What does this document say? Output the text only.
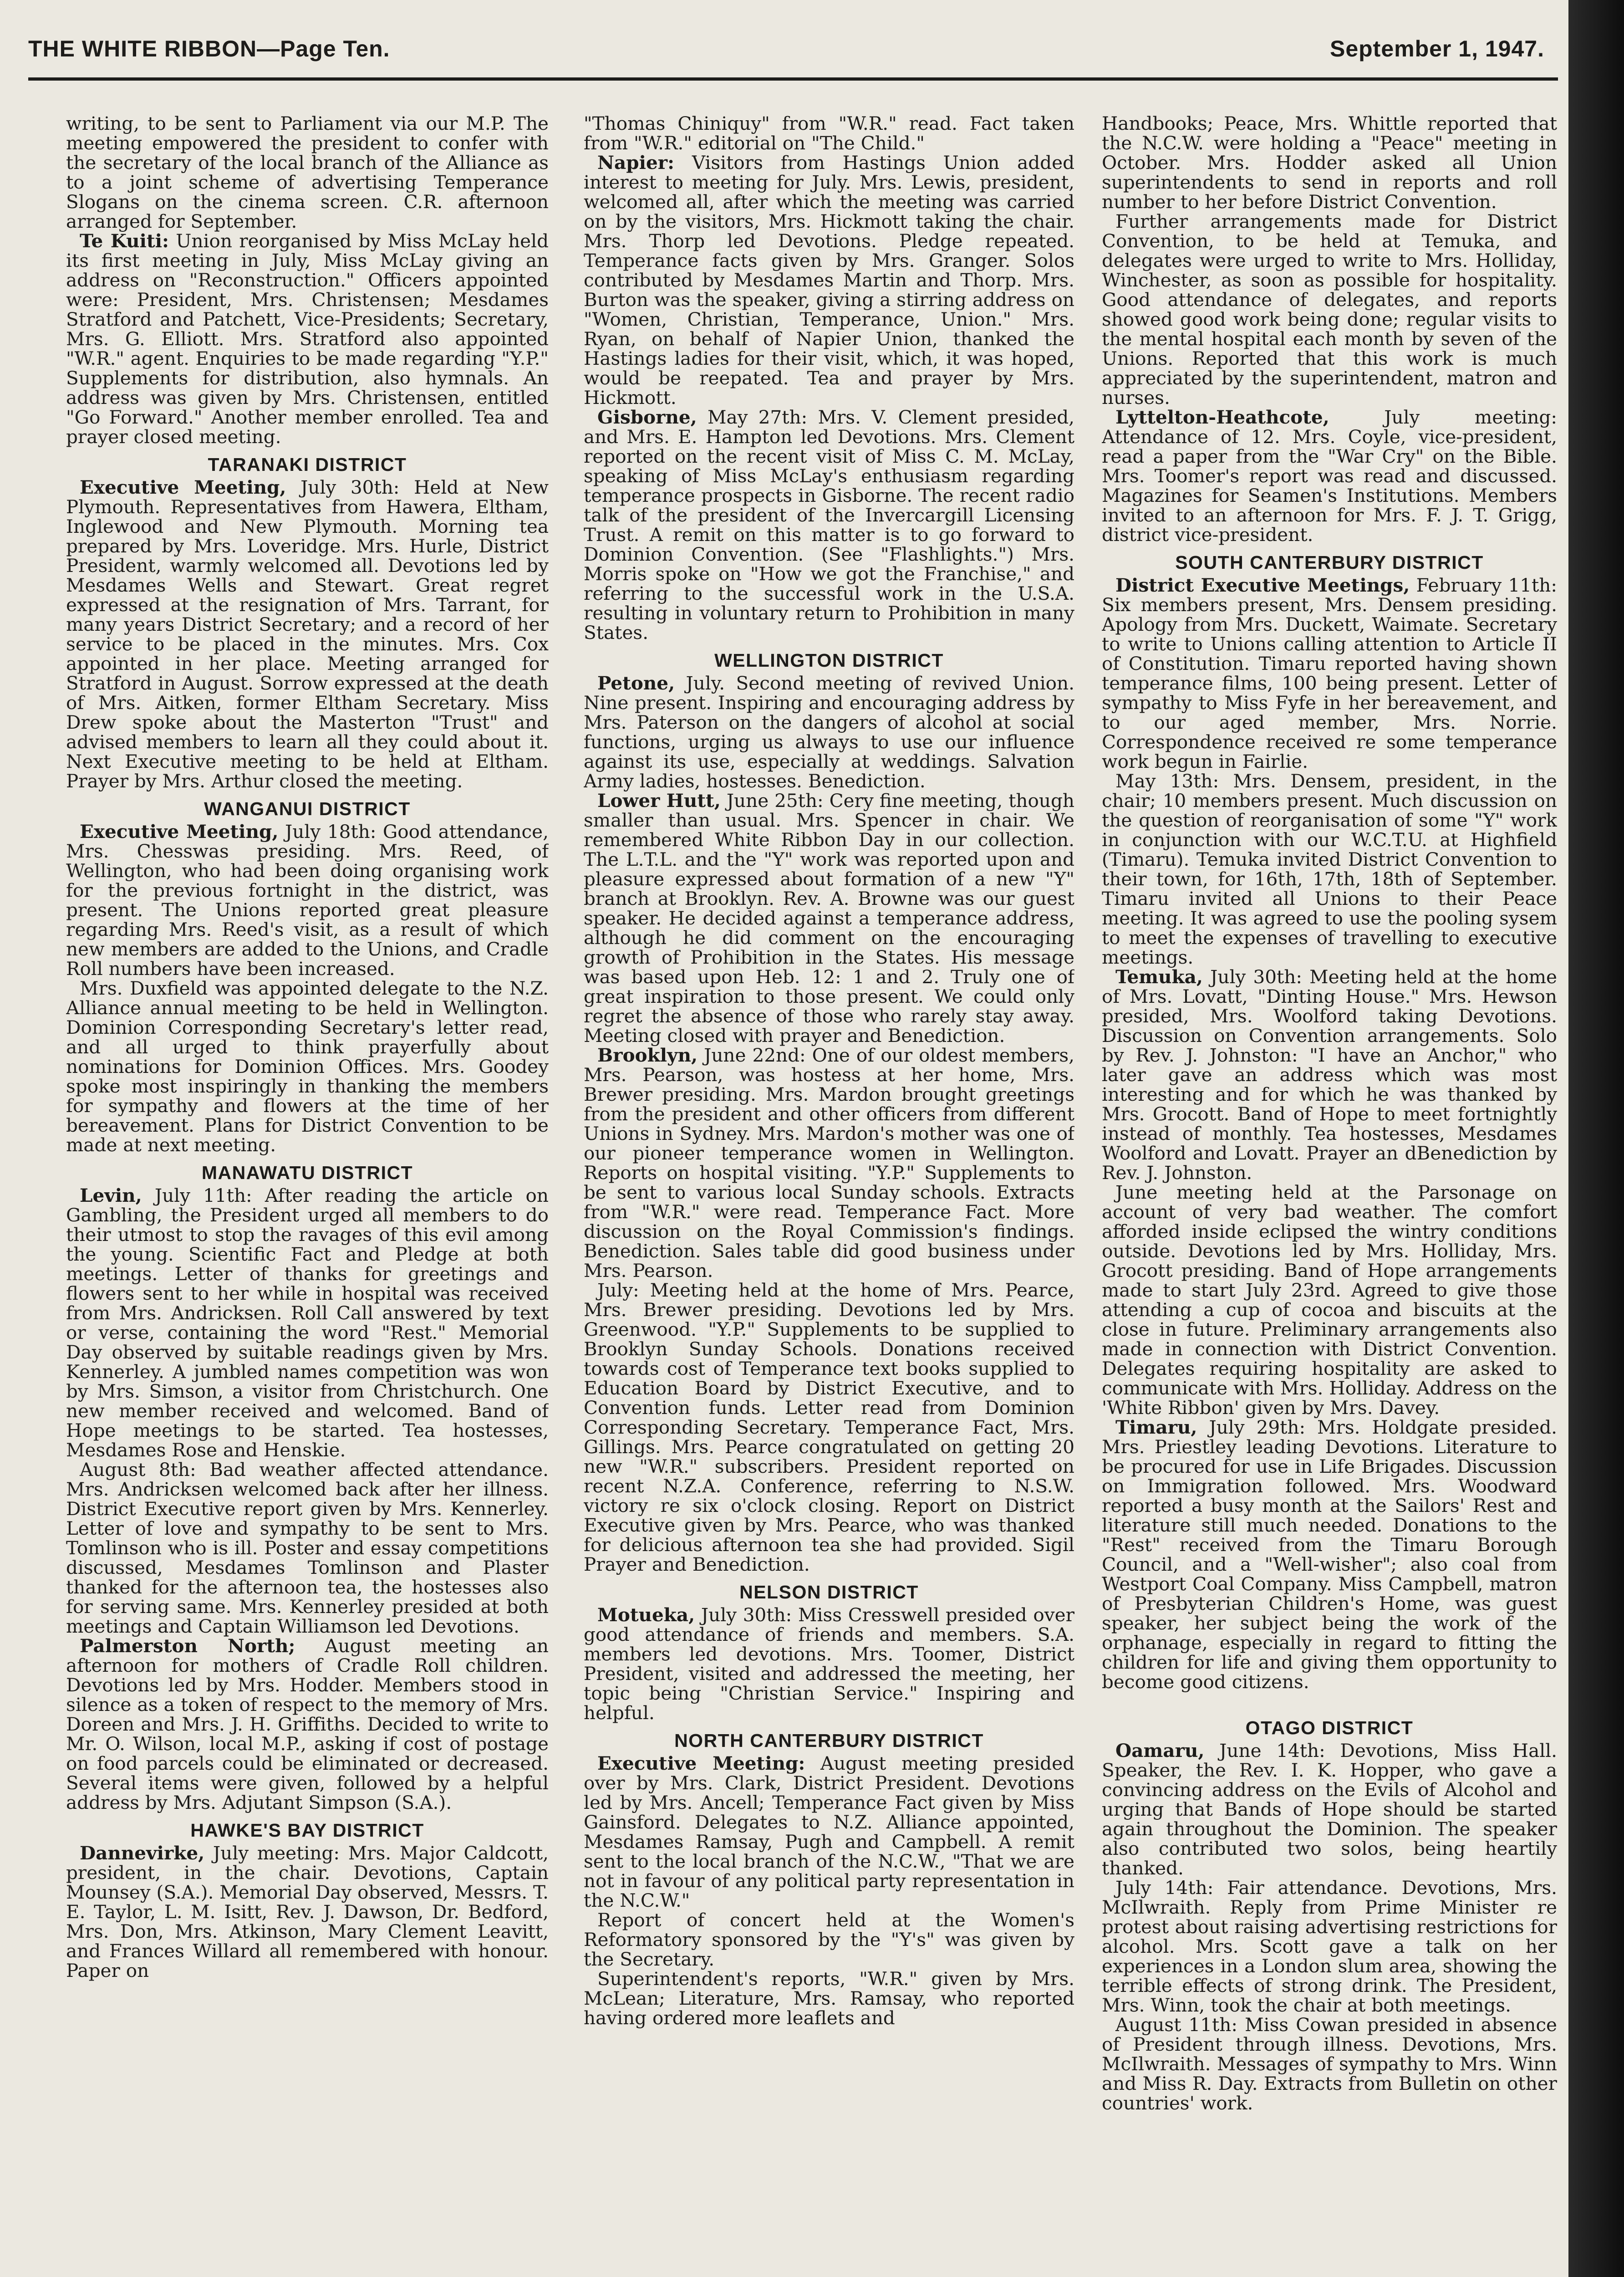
THE WHITE RIBBON—Page Ten.	September 1, 1947.

writing, to be sent to Parliament via our M.P. The meeting empowered the president to confer with the secretary of the local branch of the Alliance as to a joint scheme of advertising Temperance Slogans on the cinema screen. C.R. afternoon arranged for September.

Te Kuiti: Union reorganised by Miss McLay held its first meeting in July, Miss McLay giving an address on "Reconstruction." Officers appointed were: President, Mrs. Christensen; Mesdames Stratford and Patchett, Vice-Presidents; Secretary, Mrs. G. Elliott. Mrs. Stratford also appointed "W.R." agent. Enquiries to be made regarding "Y.P." Supplements for distribution, also hymnals. An address was given by Mrs. Christensen, entitled "Go Forward." Another member enrolled. Tea and prayer closed meeting.

TARANAKI DISTRICT

Executive Meeting, July 30th: Held at New Plymouth. Representatives from Hawera, Eltham, Inglewood and New Plymouth. Morning tea prepared by Mrs. Loveridge. Mrs. Hurle, District President, warmly welcomed all. Devotions led by Mesdames Wells and Stewart. Great regret expressed at the resignation of Mrs. Tarrant, for many years District Secretary; and a record of her service to be placed in the minutes. Mrs. Cox appointed in her place. Meeting arranged for Stratford in August. Sorrow expressed at the death of Mrs. Aitken, former Eltham Secretary. Miss Drew spoke about the Masterton "Trust" and advised members to learn all they could about it. Next Executive meeting to be held at Eltham. Prayer by Mrs. Arthur closed the meeting.

WANGANUI DISTRICT

Executive Meeting, July 18th: Good attendance, Mrs. Chesswas presiding. Mrs. Reed, of Wellington, who had been doing organising work for the previous fortnight in the district, was present. The Unions reported great pleasure regarding Mrs. Reed's visit, as a result of which new members are added to the Unions, and Cradle Roll numbers have been increased.

Mrs. Duxfield was appointed delegate to the N.Z. Alliance annual meeting to be held in Wellington. Dominion Corresponding Secretary's letter read, and all urged to think prayerfully about nominations for Dominion Offices. Mrs. Goodey spoke most inspiringly in thanking the members for sympathy and flowers at the time of her bereavement. Plans for District Convention to be made at next meeting.

MANAWATU DISTRICT

Levin, July 11th: After reading the article on Gambling, the President urged all members to do their utmost to stop the ravages of this evil among the young. Scientific Fact and Pledge at both meetings. Letter of thanks for greetings and flowers sent to her while in hospital was received from Mrs. Andricksen. Roll Call answered by text or verse, containing the word "Rest." Memorial Day observed by suitable readings given by Mrs. Kennerley. A jumbled names competition was won by Mrs. Simson, a visitor from Christchurch. One new member received and welcomed. Band of Hope meetings to be started. Tea hostesses, Mesdames Rose and Henskie.

August 8th: Bad weather affected attendance. Mrs. Andricksen welcomed back after her illness. District Executive report given by Mrs. Kennerley. Letter of love and sympathy to be sent to Mrs. Tomlinson who is ill. Poster and essay competitions discussed, Mesdames Tomlinson and Plaster thanked for the afternoon tea, the hostesses also for serving same. Mrs. Kennerley presided at both meetings and Captain Williamson led Devotions.

Palmerston North; August meeting an afternoon for mothers of Cradle Roll children. Devotions led by Mrs. Hodder. Members stood in silence as a token of respect to the memory of Mrs. Doreen and Mrs. J. H. Griffiths. Decided to write to Mr. O. Wilson, local M.P., asking if cost of postage on food parcels could be eliminated or decreased. Several items were given, followed by a helpful address by Mrs. Adjutant Simpson (S.A.).

HAWKE'S BAY DISTRICT

Dannevirke, July meeting: Mrs. Major Caldcott, president, in the chair. Devotions, Captain Mounsey (S.A.). Memorial Day observed, Messrs. T. E. Taylor, L. M. Isitt, Rev. J. Dawson, Dr. Bedford, Mrs. Don, Mrs. Atkinson, Mary Clement Leavitt, and Frances Willard all remembered with honour. Paper on

"Thomas Chiniquy" from "W.R." read. Fact taken from "W.R." editorial on "The Child."

Napier: Visitors from Hastings Union added interest to meeting for July. Mrs. Lewis, president, welcomed all, after which the meeting was carried on by the visitors, Mrs. Hickmott taking the chair. Mrs. Thorp led Devotions. Pledge repeated. Temperance facts given by Mrs. Granger. Solos contributed by Mesdames Martin and Thorp. Mrs. Burton was the speaker, giving a stirring address on "Women, Christian, Temperance, Union." Mrs. Ryan, on behalf of Napier Union, thanked the Hastings ladies for their visit, which, it was hoped, would be reepated. Tea and prayer by Mrs. Hickmott.

Gisborne, May 27th: Mrs. V. Clement presided, and Mrs. E. Hampton led Devotions. Mrs. Clement reported on the recent visit of Miss C. M. McLay, speaking of Miss McLay's enthusiasm regarding temperance prospects in Gisborne. The recent radio talk of the president of the Invercargill Licensing Trust. A remit on this matter is to go forward to Dominion Convention. (See "Flashlights.") Mrs. Morris spoke on "How we got the Franchise," and referring to the successful work in the U.S.A. resulting in voluntary return to Prohibition in many States.

WELLINGTON DISTRICT

Petone, July. Second meeting of revived Union. Nine present. Inspiring and encouraging address by Mrs. Paterson on the dangers of alcohol at social functions, urging us always to use our influence against its use, especially at weddings. Salvation Army ladies, hostesses. Benediction.

Lower Hutt, June 25th: Cery fine meeting, though smaller than usual. Mrs. Spencer in chair. We remembered White Ribbon Day in our collection. The L.T.L. and the "Y" work was reported upon and pleasure expressed about formation of a new "Y" branch at Brooklyn. Rev. A. Browne was our guest speaker. He decided against a temperance address, although he did comment on the encouraging growth of Prohibition in the States. His message was based upon Heb. 12: 1 and 2. Truly one of great inspiration to those present. We could only regret the absence of those who rarely stay away. Meeting closed with prayer and Benediction.

Brooklyn, June 22nd: One of our oldest members, Mrs. Pearson, was hostess at her home, Mrs. Brewer presiding. Mrs. Mardon brought greetings from the president and other officers from different Unions in Sydney. Mrs. Mardon's mother was one of our pioneer temperance women in Wellington. Reports on hospital visiting. "Y.P." Supplements to be sent to various local Sunday schools. Extracts from "W.R." were read. Temperance Fact. More discussion on the Royal Commission's findings. Benediction. Sales table did good business under Mrs. Pearson.

July: Meeting held at the home of Mrs. Pearce, Mrs. Brewer presiding. Devotions led by Mrs. Greenwood. "Y.P." Supplements to be supplied to Brooklyn Sunday Schools. Donations received towards cost of Temperance text books supplied to Education Board by District Executive, and to Convention funds. Letter read from Dominion Corresponding Secretary. Temperance Fact, Mrs. Gillings. Mrs. Pearce congratulated on getting 20 new "W.R." subscribers. President reported on recent N.Z.A. Conference, referring to N.S.W. victory re six o'clock closing. Report on District Executive given by Mrs. Pearce, who was thanked for delicious afternoon tea she had provided. Sigil Prayer and Benediction.

NELSON DISTRICT

Motueka, July 30th: Miss Cresswell presided over good attendance of friends and members. S.A. members led devotions. Mrs. Toomer, District President, visited and addressed the meeting, her topic being "Christian Service." Inspiring and helpful.

NORTH CANTERBURY DISTRICT

Executive Meeting: August meeting presided over by Mrs. Clark, District President. Devotions led by Mrs. Ancell; Temperance Fact given by Miss Gainsford. Delegates to N.Z. Alliance appointed, Mesdames Ramsay, Pugh and Campbell. A remit sent to the local branch of the N.C.W., "That we are not in favour of any political party representation in the N.C.W."

Report of concert held at the Women's Reformatory sponsored by the "Y's" was given by the Secretary.

Superintendent's reports, "W.R." given by Mrs. McLean; Literature, Mrs. Ramsay, who reported having ordered more leaflets and

Handbooks; Peace, Mrs. Whittle reported that the N.C.W. were holding a "Peace" meeting in October. Mrs. Hodder asked all Union superintendents to send in reports and roll number to her before District Convention.

Further arrangements made for District Convention, to be held at Temuka, and delegates were urged to write to Mrs. Holliday, Winchester, as soon as possible for hospitality. Good attendance of delegates, and reports showed good work being done; regular visits to the mental hospital each month by seven of the Unions. Reported that this work is much appreciated by the superintendent, matron and nurses.

Lyttelton-Heathcote,	July meeting: Attendance of 12. Mrs. Coyle, vice-president, read a paper from the "War Cry" on the Bible. Mrs. Toomer's report was read and discussed. Magazines for Seamen's Institutions. Members invited to an afternoon for Mrs. F. J. T. Grigg, district vice-president.

SOUTH CANTERBURY DISTRICT

District Executive Meetings, February 11th: Six members present, Mrs. Densem presiding. Apology from Mrs. Duckett, Waimate. Secretary to write to Unions calling attention to Article II of Constitution. Timaru reported having shown temperance films, 100 being present. Letter of sympathy to Miss Fyfe in her bereavement, and to our aged member, Mrs. Norrie. Correspondence received re some temperance work begun in Fairlie.

May 13th: Mrs. Densem, president, in the chair; 10 members present. Much discussion on the question of reorganisation of some "Y" work in conjunction with our W.C.T.U. at Highfield (Timaru). Temuka invited District Convention to their town, for 16th, 17th, 18th of September. Timaru invited all Unions to their Peace meeting. It was agreed to use the pooling sysem to meet the expenses of travelling to executive meetings.

Temuka, July 30th: Meeting held at the home of Mrs. Lovatt, "Dinting House." Mrs. Hewson presided, Mrs. Woolford taking Devotions. Discussion on Convention arrangements. Solo by Rev. J. Johnston: "I have an Anchor," who later gave an address which was most interesting and for which he was thanked by Mrs. Grocott. Band of Hope to meet fortnightly instead of monthly. Tea hostesses, Mesdames Woolford and Lovatt. Prayer an dBenediction by Rev. J. Johnston.

June meeting held at the Parsonage on account of very bad weather. The comfort afforded inside eclipsed the wintry conditions outside. Devotions led by Mrs. Holliday, Mrs. Grocott presiding. Band of Hope arrangements made to start July 23rd. Agreed to give those attending a cup of cocoa and biscuits at the close in future. Preliminary arrangements also made in connection with District Convention. Delegates requiring hospitality are asked to communicate with Mrs. Holliday. Address on the 'White Ribbon' given by Mrs. Davey.

Timaru, July 29th: Mrs. Holdgate presided. Mrs. Priestley leading Devotions. Literature to be procured for use in Life Brigades. Discussion on Immigration followed. Mrs. Woodward reported a busy month at the Sailors' Rest and literature still much needed. Donations to the "Rest" received from the Timaru Borough Council, and a "Well-wisher"; also coal from Westport Coal Company. Miss Campbell, matron of Presbyterian Children's Home, was guest speaker, her subject being the work of the orphanage, especially in regard to fitting the children for life and giving them opportunity to become good citizens.

OTAGO DISTRICT

Oamaru, June 14th: Devotions, Miss Hall. Speaker, the Rev. I. K. Hopper, who gave a convincing address on the Evils of Alcohol and urging that Bands of Hope should be started again throughout the Dominion. The speaker also contributed two solos, being heartily thanked.

July 14th: Fair attendance. Devotions, Mrs. McIlwraith. Reply from Prime Minister re protest about raising advertising restrictions for alcohol. Mrs. Scott gave a talk on her experiences in a London slum area, showing the terrible effects of strong drink. The President, Mrs. Winn, took the chair at both meetings.

August 11th: Miss Cowan presided in absence of President through illness. Devotions, Mrs. McIlwraith. Messages of sympathy to Mrs. Winn and Miss R. Day. Extracts from Bulletin on other countries' work.
